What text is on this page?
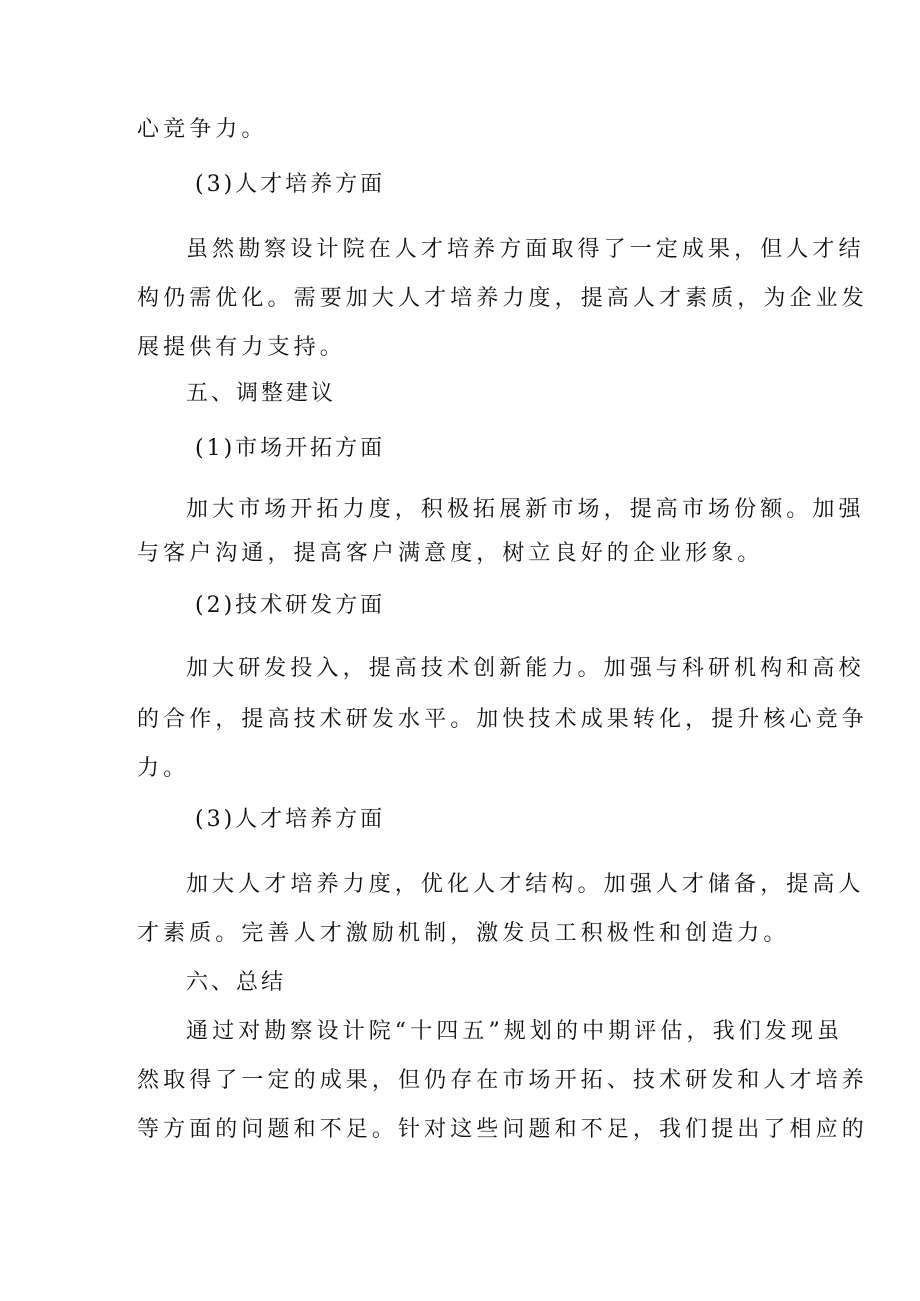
心竞争力。
(3)人才培养方面
虽然勘察设计院在人才培养方面取得了一定成果，但人才结
构仍需优化。需要加大人才培养力度，提高人才素质，为企业发
展提供有力支持。
五、调整建议
(1)市场开拓方面
加大市场开拓力度，积极拓展新市场，提高市场份额。加强
与客户沟通，提高客户满意度，树立良好的企业形象。
(2)技术研发方面
加大研发投入，提高技术创新能力。加强与科研机构和高校
的合作，提高技术研发水平。加快技术成果转化，提升核心竞争
力。
(3)人才培养方面
加大人才培养力度，优化人才结构。加强人才储备，提高人
才素质。完善人才激励机制，激发员工积极性和创造力。
六、总结
通过对勘察设计院“十四五”规划的中期评估，我们发现虽
然取得了一定的成果，但仍存在市场开拓、技术研发和人才培养
等方面的问题和不足。针对这些问题和不足，我们提出了相应的
